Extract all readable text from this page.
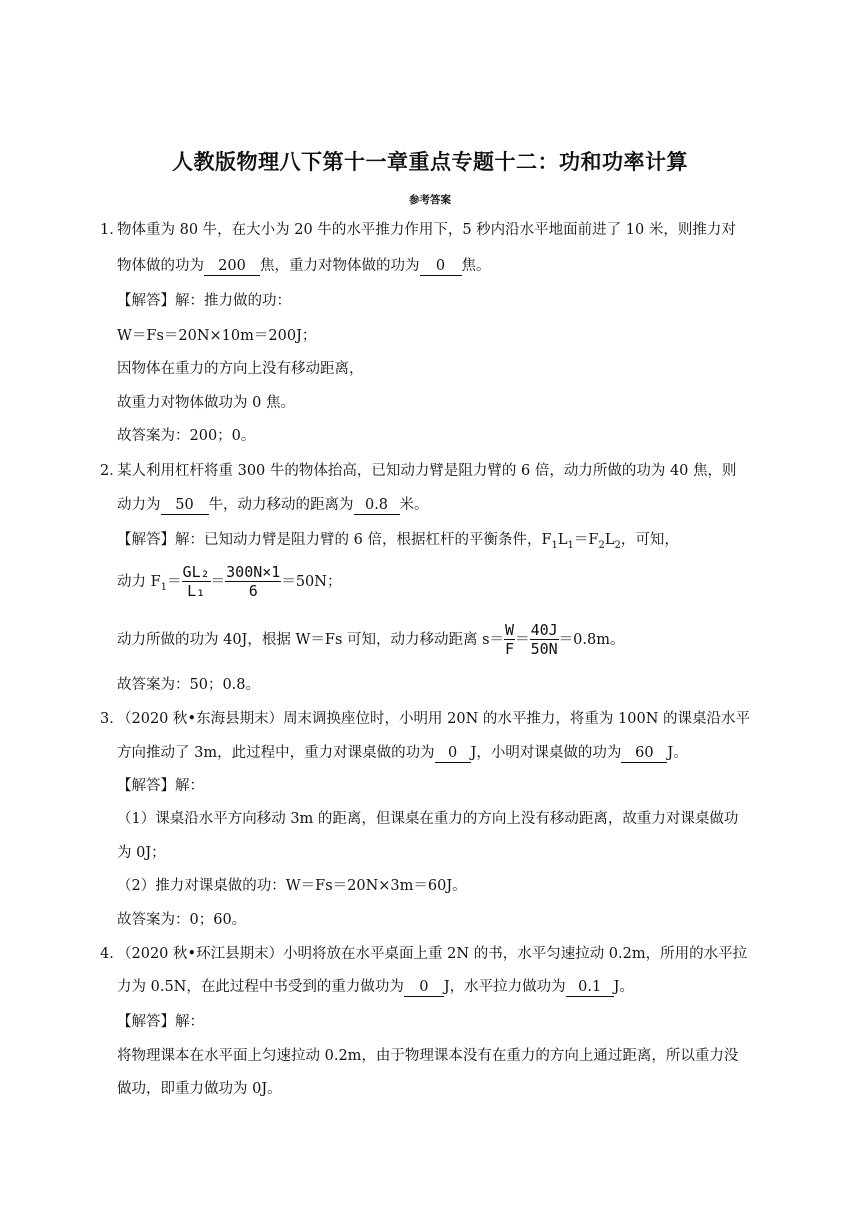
人教版物理八下第十一章重点专题十二：功和功率计算
参考答案
1．
物体重为 80 牛，在大小为 20 牛的水平推力作用下，5 秒内沿水平地面前进了 10 米，则推力对
物体做的功为 200 焦，重力对物体做的功为 0 焦。
【解答】解：推力做的功：
W＝Fs＝20N×10m＝200J；
因物体在重力的方向上没有移动距离，
故重力对物体做功为 0 焦。
故答案为：200；0。
2．
某人利用杠杆将重 300 牛的物体抬高，已知动力臂是阻力臂的 6 倍，动力所做的功为 40 焦，则
动力为 50 牛，动力移动的距离为 0.8 米。
【解答】解：已知动力臂是阻力臂的 6 倍，根据杠杆的平衡条件，$F_1L_1=F_2L_2$，可知，
动力 $F_1= \frac{\text{GL₂}}{\text{L₁}} = \frac{300N\times 1}{6} =50N$；
动力所做的功为 40J，根据 W＝Fs 可知，动力移动距离 $s= \frac{W}{F} = \frac{40J}{50N} =0.8m$。
故答案为：50；0.8。
3．
（2020 秋•东海县期末）周末调换座位时，小明用 20N 的水平推力，将重为 100N 的课桌沿水平
方向推动了 3m，此过程中，重力对课桌做的功为 0 J，小明对课桌做的功为 60 J。
【解答】解：
（1）课桌沿水平方向移动 3m 的距离，但课桌在重力的方向上没有移动距离，故重力对课桌做功
为 0J；
（2）推力对课桌做的功：W＝Fs＝20N×3m＝60J。
故答案为：0；60。
4．
（2020 秋•环江县期末）小明将放在水平桌面上重 2N 的书，水平匀速拉动 0.2m，所用的水平拉
力为 0.5N，在此过程中书受到的重力做功为 0 J，水平拉力做功为 0.1 J。
【解答】解：
将物理课本在水平面上匀速拉动 0.2m，由于物理课本没有在重力的方向上通过距离，所以重力没
做功，即重力做功为 0J。
